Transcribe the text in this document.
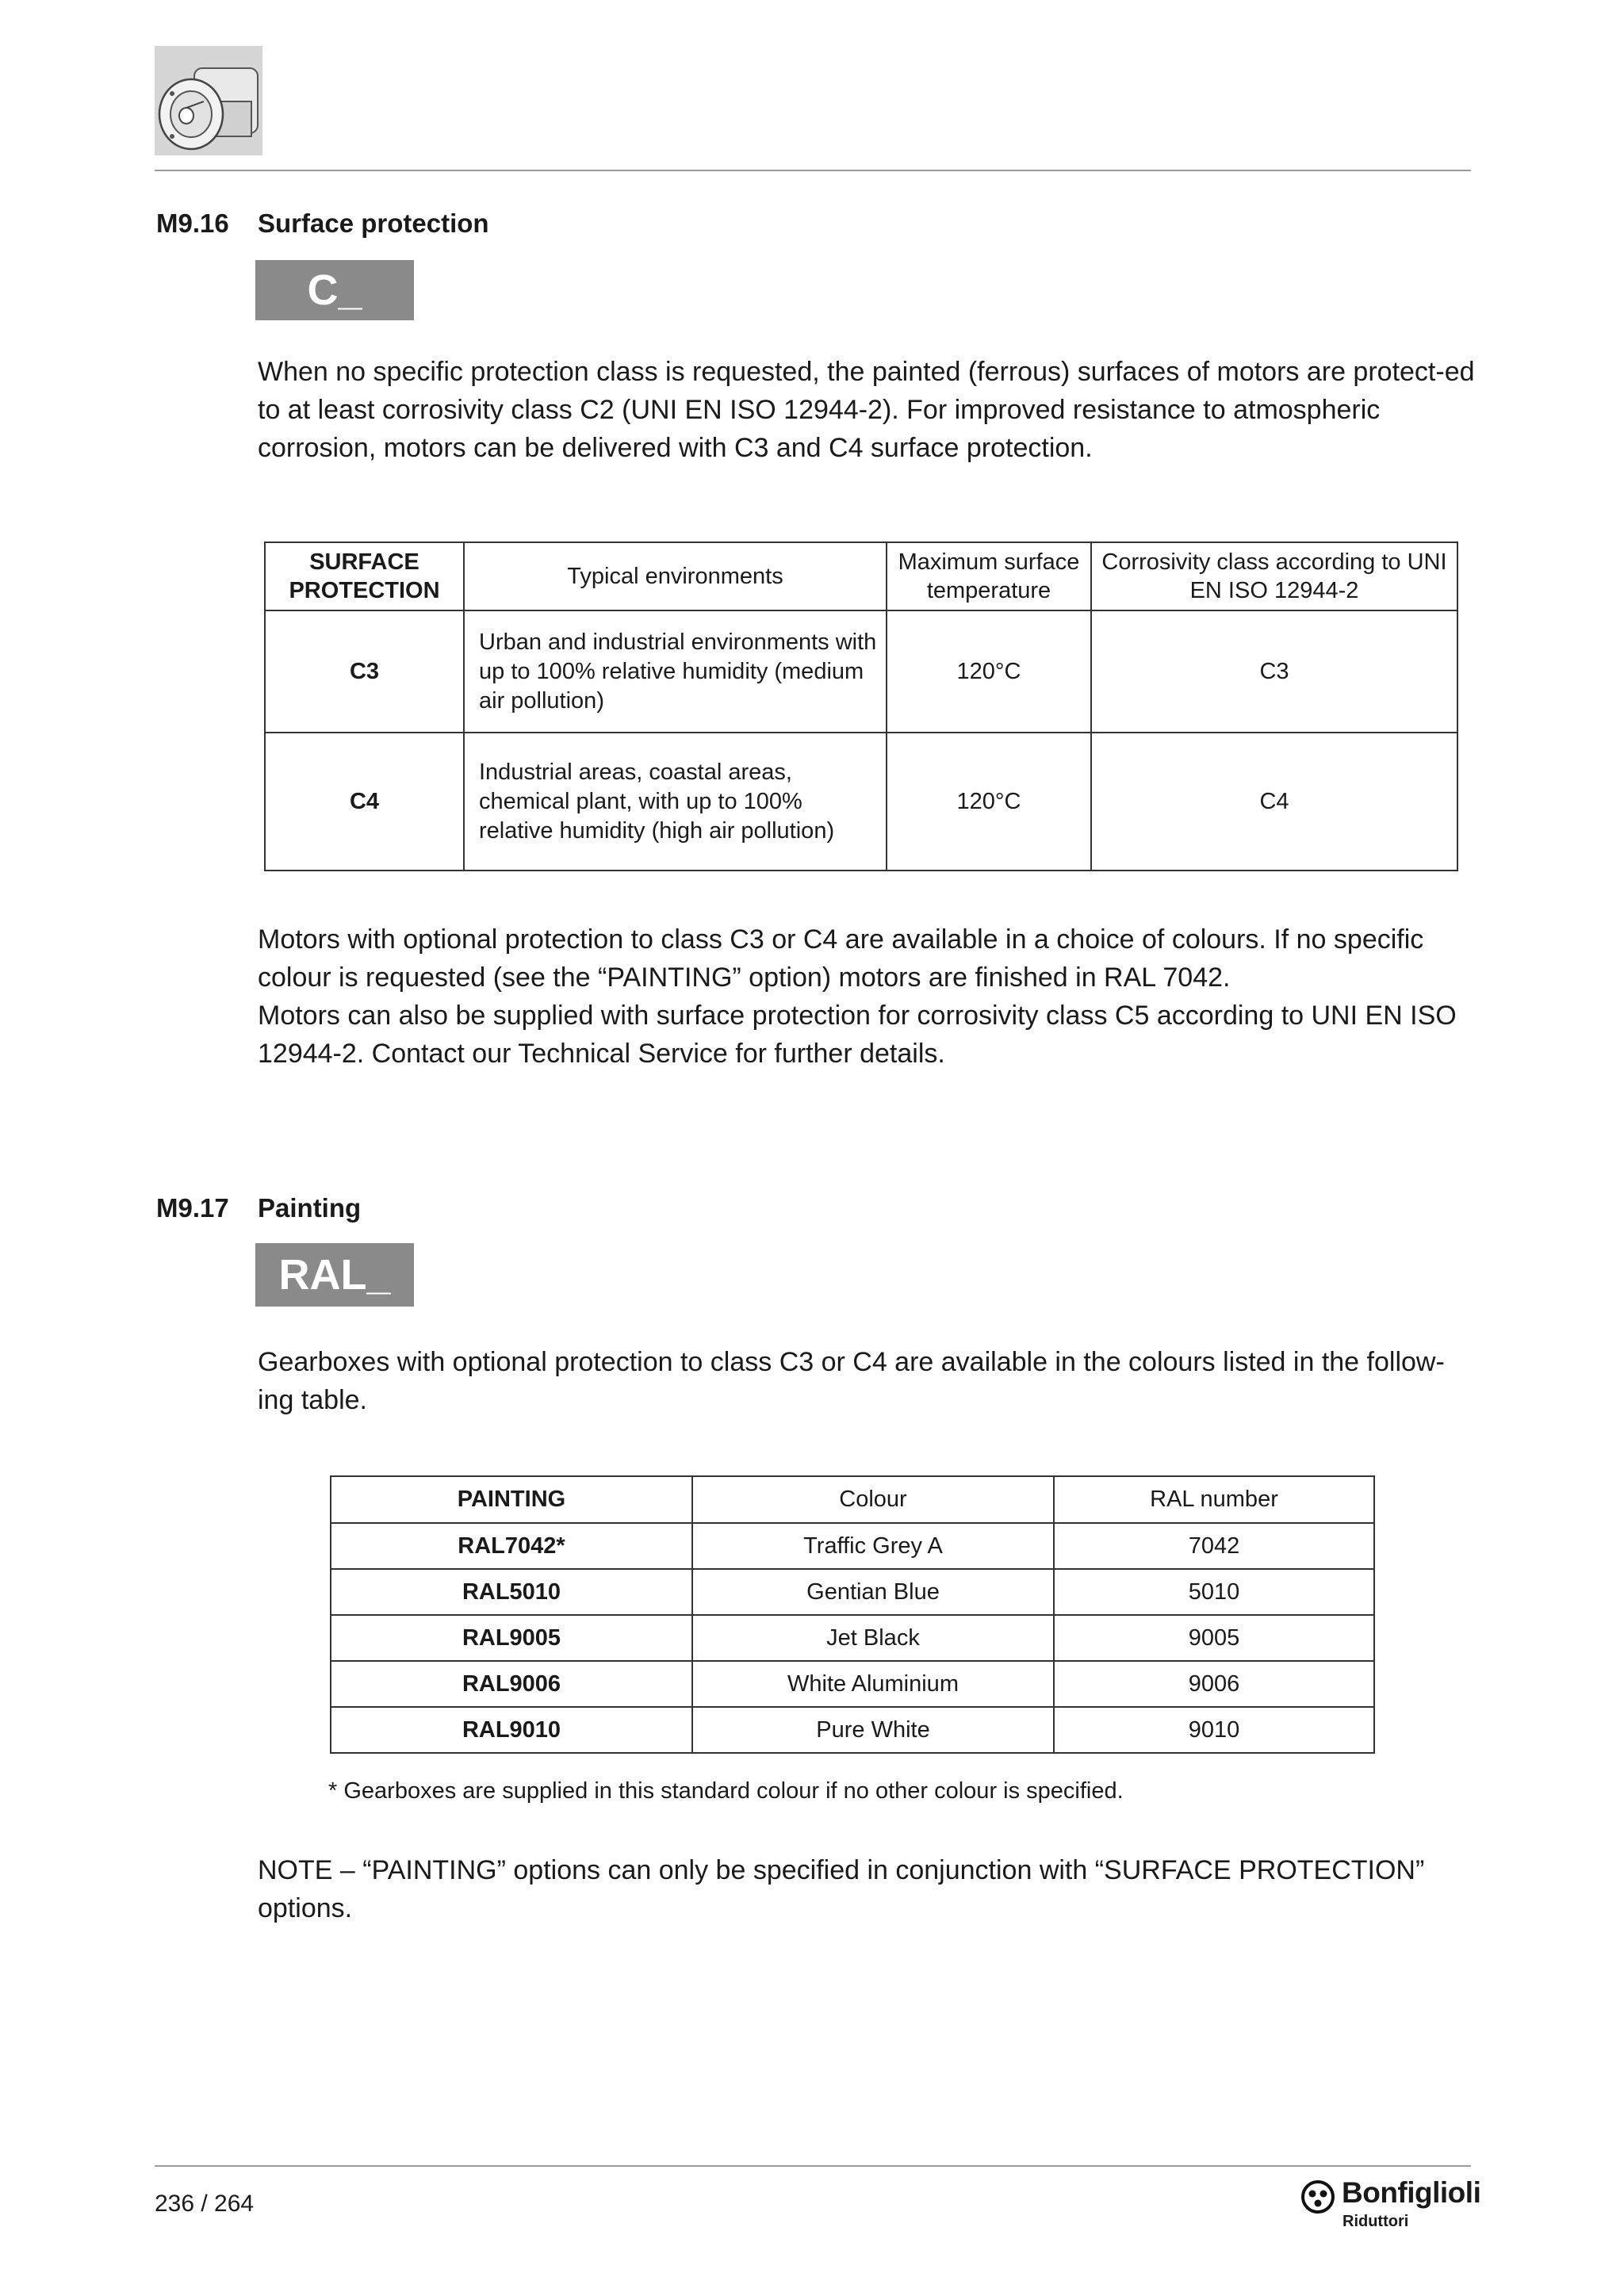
M9.16 Surface protection
C_

When no specific protection class is requested, the painted (ferrous) surfaces of motors are protect-ed to at least corrosivity class C2 (UNI EN ISO 12944-2). For improved resistance to atmospheric corrosion, motors can be delivered with C3 and C4 surface protection.

SURFACE PROTECTION	Typical environments	Maximum surface temperature	Corrosivity class according to UNI EN ISO 12944-2
C3	Urban and industrial environments with up to 100% relative humidity (medium air pollution)	120°C	C3
C4	Industrial areas, coastal areas, chemical plant, with up to 100% relative humidity (high air pollution)	120°C	C4

Motors with optional protection to class C3 or C4 are available in a choice of colours. If no specific colour is requested (see the “PAINTING” option) motors are finished in RAL 7042.

Motors can also be supplied with surface protection for corrosivity class C5 according to UNI EN ISO 12944-2. Contact our Technical Service for further details.

M9.17 Painting
RAL_

Gearboxes with optional protection to class C3 or C4 are available in the colours listed in the follow-ing table.

PAINTING	Colour	RAL number
RAL7042*	Traffic Grey A	7042
RAL5010	Gentian Blue	5010
RAL9005	Jet Black	9005
RAL9006	White Aluminium	9006
RAL9010	Pure White	9010
* Gearboxes are supplied in this standard colour if no other colour is specified.

NOTE – “PAINTING” options can only be specified in conjunction with “SURFACE PROTECTION” options.

236 / 264	Bonfiglioli
Riduttori
